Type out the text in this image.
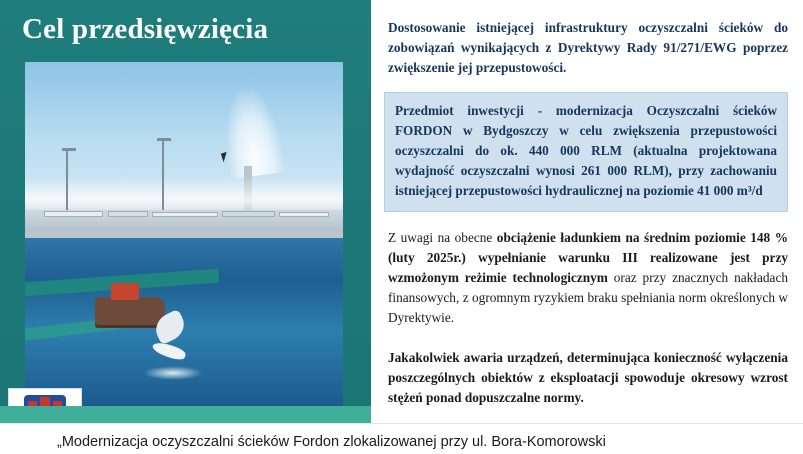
Cel przedsięwzięcia	Dostosowanie istniejącej infrastruktury oczyszczalni ścieków do zobowiązań wynikających z Dyrektywy Rady 91/271/EWG poprzez zwiększenie jej przepustowości.
Przedmiot inwestycji - modernizacja Oczyszczalni ścieków FORDON w Bydgoszczy w celu zwiększenia przepustowości oczyszczalni do ok. 440 000 RLM (aktualna projektowana wydajność oczyszczalni wynosi 261 000 RLM), przy zachowaniu istniejącej przepustowości hydraulicznej na poziomie 41 000 m³/d
Z uwagi na obecne obciążenie ładunkiem na średnim poziomie 148 % (luty 2025r.) wypełnianie warunku III realizowane jest przy wzmożonym reżimie technologicznym oraz przy znacznych nakładach finansowych, z ogromnym ryzykiem braku spełniania norm określonych w Dyrektywie.
Jakakolwiek awaria urządzeń, determinująca konieczność wyłączenia poszczególnych obiektów z eksploatacji spowoduje okresowy wzrost stężeń ponad dopuszczalne normy.
„Modernizacja oczyszczalni ścieków Fordon zlokalizowanej przy ul. Bora-Komorowski
